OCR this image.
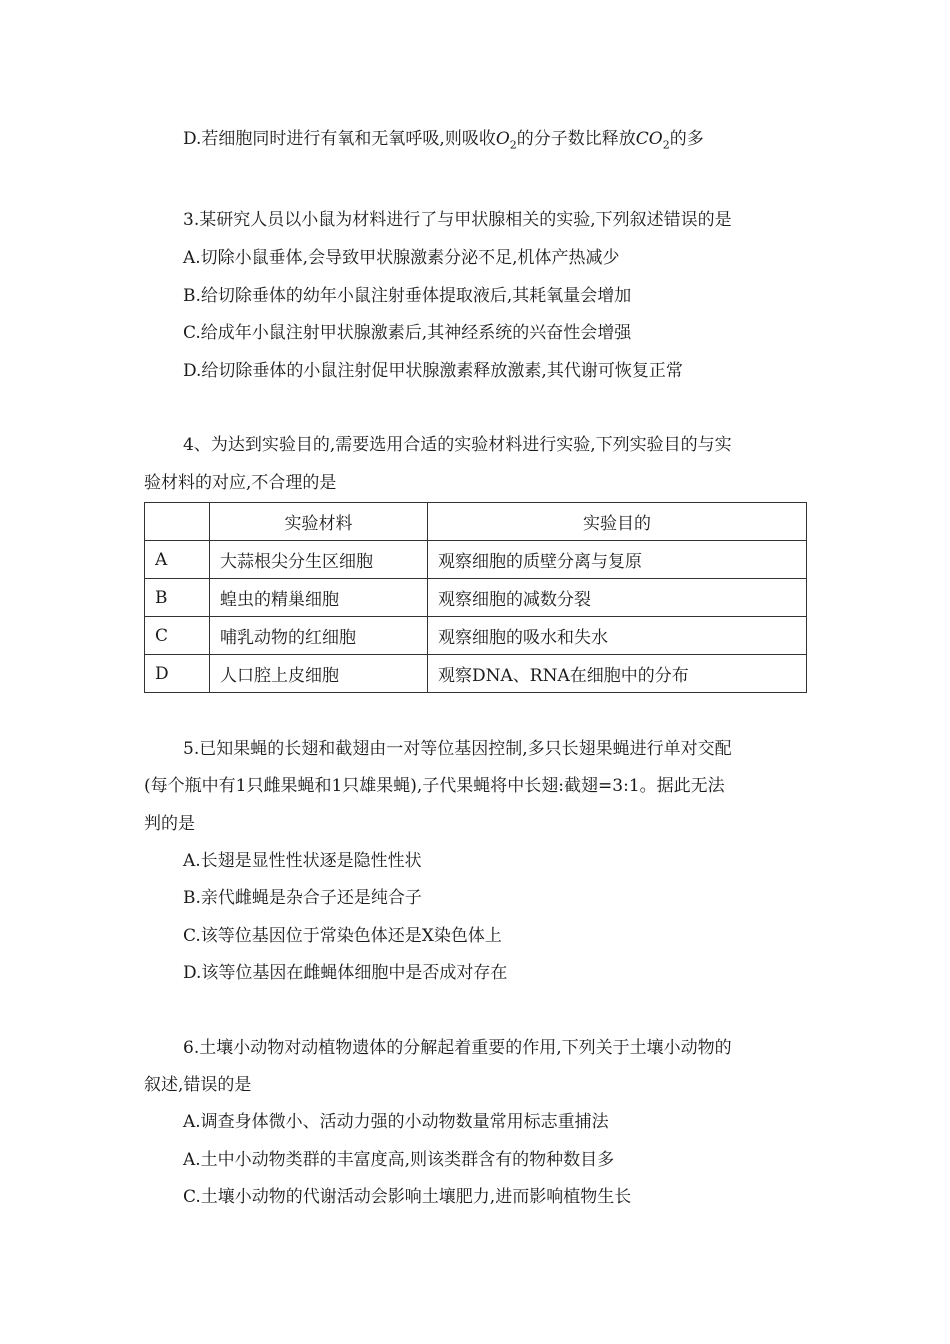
D.若细胞同时进行有氧和无氧呼吸,则吸收$O_2$的分子数比释放$CO_2$的多
3.某研究人员以小鼠为材料进行了与甲状腺相关的实验,下列叙述错误的是
A.切除小鼠垂体,会导致甲状腺激素分泌不足,机体产热减少
B.给切除垂体的幼年小鼠注射垂体提取液后,其耗氧量会增加
C.给成年小鼠注射甲状腺激素后,其神经系统的兴奋性会增强
D.给切除垂体的小鼠注射促甲状腺激素释放激素,其代谢可恢复正常
4、为达到实验目的,需要选用合适的实验材料进行实验,下列实验目的与实
验材料的对应,不合理的是
	实验材料	实验目的
A	大蒜根尖分生区细胞	观察细胞的质壁分离与复原
B	蝗虫的精巢细胞	观察细胞的减数分裂
C	哺乳动物的红细胞	观察细胞的吸水和失水
D	人口腔上皮细胞	观察DNA、RNA在细胞中的分布
5.已知果蝇的长翅和截翅由一对等位基因控制,多只长翅果蝇进行单对交配
(每个瓶中有1只雌果蝇和1只雄果蝇),子代果蝇将中长翅:截翅=3:1。据此无法
判的是
A.长翅是显性性状逐是隐性性状
B.亲代雌蝇是杂合子还是纯合子
C.该等位基因位于常染色体还是X染色体上
D.该等位基因在雌蝇体细胞中是否成对存在
6.土壤小动物对动植物遗体的分解起着重要的作用,下列关于土壤小动物的
叙述,错误的是
A.调查身体微小、活动力强的小动物数量常用标志重捕法
A.土中小动物类群的丰富度高,则该类群含有的物种数目多
C.土壤小动物的代谢活动会影响土壤肥力,进而影响植物生长
